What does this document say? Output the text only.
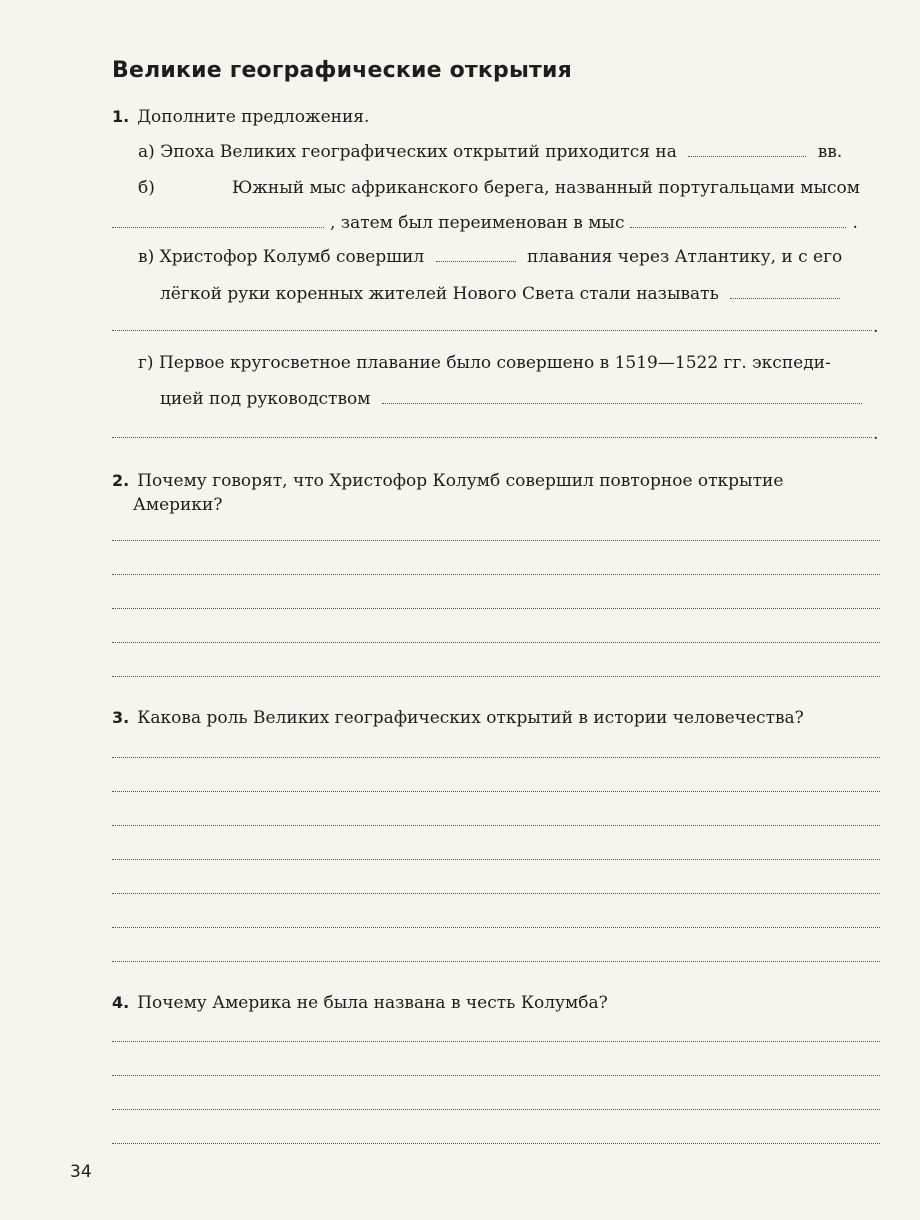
Великие географические открытия
1. Дополните предложения.
а) Эпоха Великих географических открытий приходится на	вв.
б)	Южный мыс африканского берега, названный португальцами мысом
, затем был переименован в мыс	.
в) Христофор Колумб совершил	плавания через Атлантику, и с его
лёгкой руки коренных жителей Нового Света стали называть
.
г) Первое кругосветное плавание было совершено в 1519—1522 гг. экспеди-
цией под руководством
.
2. Почему говорят, что Христофор Колумб совершил повторное открытие
Америки?
3. Какова роль Великих географических открытий в истории человечества?
4. Почему Америка не была названа в честь Колумба?
34
